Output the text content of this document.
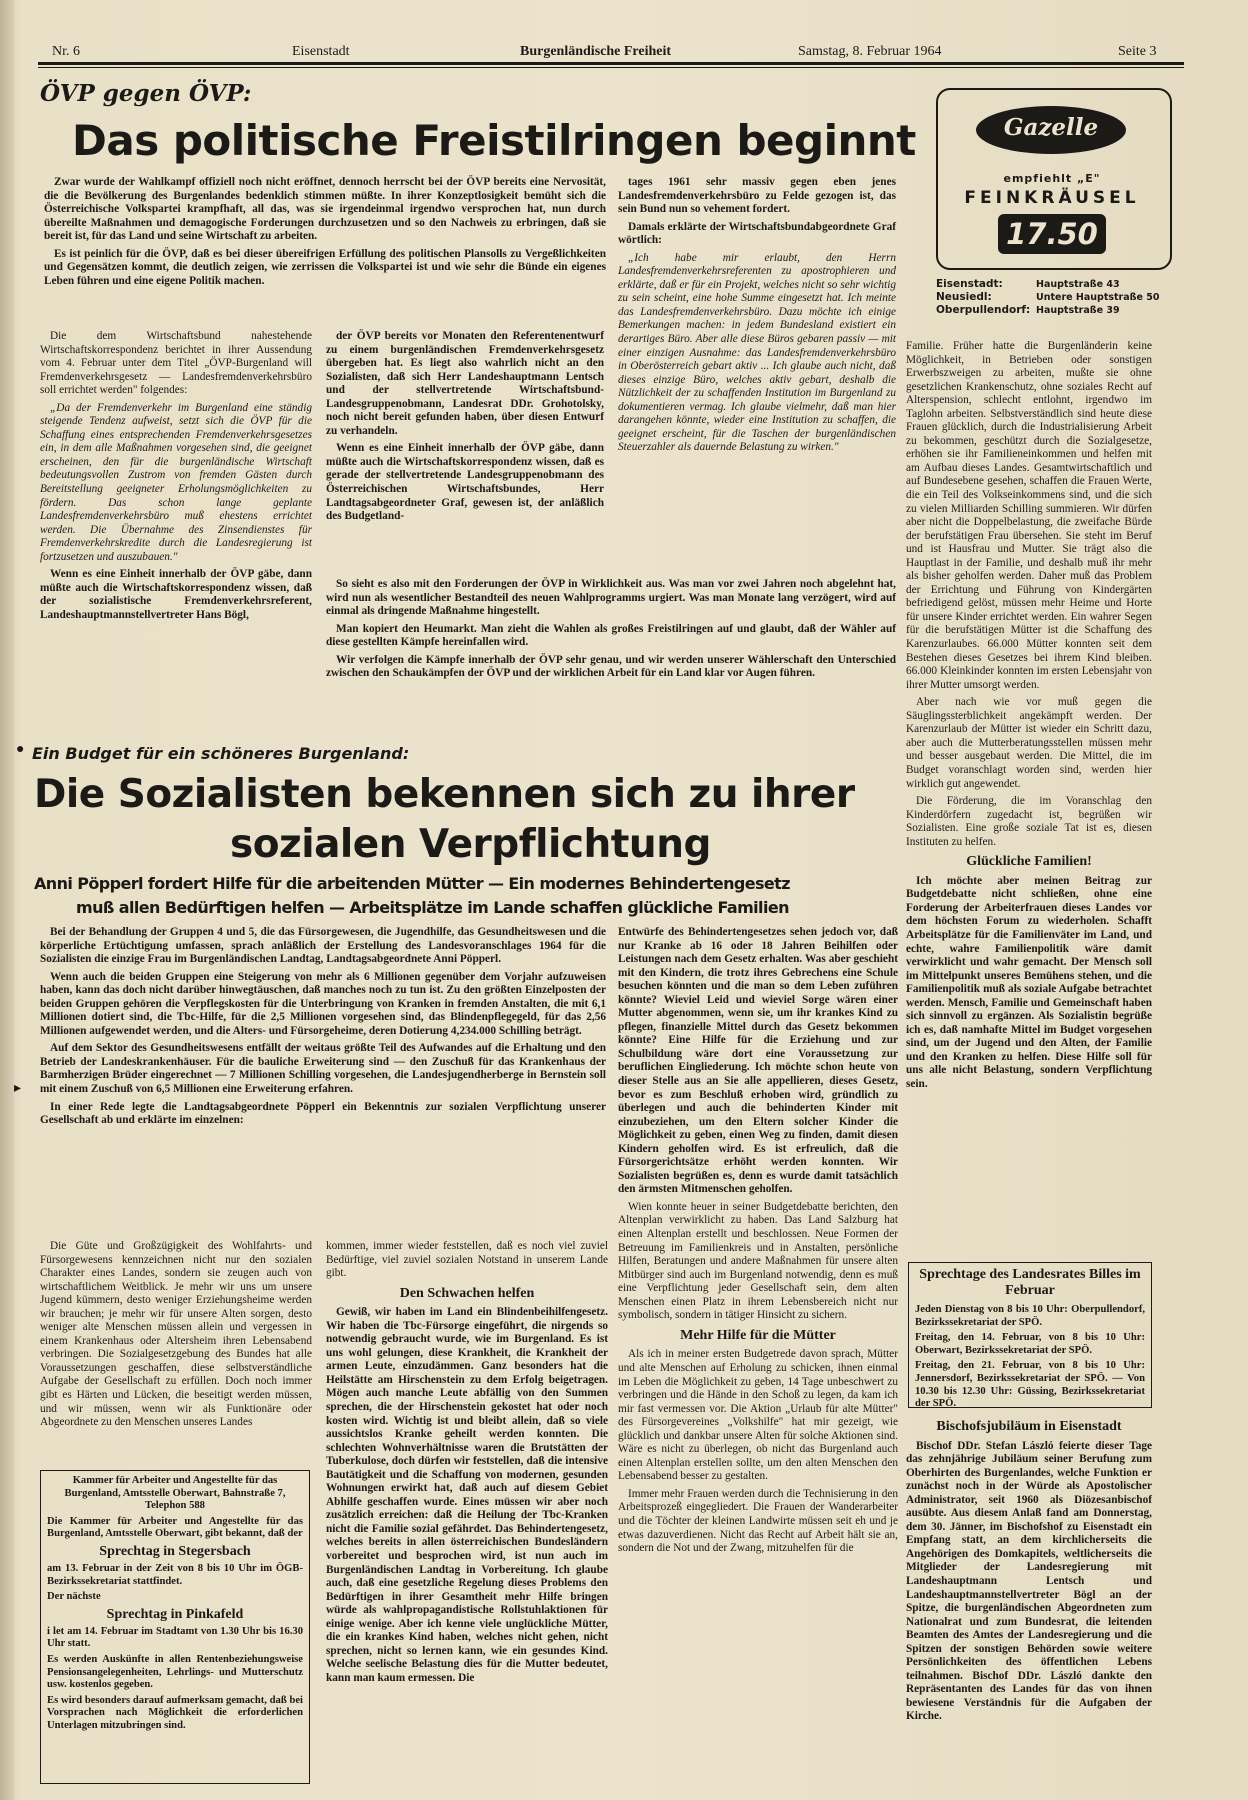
Nr. 6	Eisenstadt	Burgenländische Freiheit	Samstag, 8. Februar 1964	Seite 3
ÖVP gegen ÖVP:
Das politische Freistilringen beginnt

Zwar wurde der Wahlkampf offiziell noch nicht eröffnet, dennoch herrscht bei der ÖVP bereits eine Nervosität, die die Bevölkerung des Burgenlandes bedenklich stimmen müßte. In ihrer Konzeptlosigkeit bemüht sich die Österreichische Volkspartei krampfhaft, all das, was sie irgendeinmal irgendwo versprochen hat, nun durch übereilte Maßnahmen und demagogische Forderungen durchzusetzen und so den Nachweis zu erbringen, daß sie bereit ist, für das Land und seine Wirtschaft zu arbeiten.

Es ist peinlich für die ÖVP, daß es bei dieser übereifrigen Erfüllung des politischen Plansolls zu Vergeßlichkeiten und Gegensätzen kommt, die deutlich zeigen, wie zerrissen die Volkspartei ist und wie sehr die Bünde ein eigenes Leben führen und eine eigene Politik machen.

Die dem Wirtschaftsbund nahestehende Wirtschaftskorrespondenz berichtet in ihrer Aussendung vom 4. Februar unter dem Titel „ÖVP-Burgenland will Fremdenverkehrsgesetz — Landesfremdenverkehrsbüro soll errichtet werden" folgendes:

„Da der Fremdenverkehr im Burgenland eine ständig steigende Tendenz aufweist, setzt sich die ÖVP für die Schaffung eines entsprechenden Fremdenverkehrsgesetzes ein, in dem alle Maßnahmen vorgesehen sind, die geeignet erscheinen, den für die burgenländische Wirtschaft bedeutungsvollen Zustrom von fremden Gästen durch Bereitstellung geeigneter Erholungsmöglichkeiten zu fördern. Das schon lange geplante Landesfremdenverkehrsbüro muß ehestens errichtet werden. Die Übernahme des Zinsendienstes für Fremdenverkehrskredite durch die Landesregierung ist fortzusetzen und auszubauen."

Wenn es eine Einheit innerhalb der ÖVP gäbe, dann müßte auch die Wirtschaftskorrespondenz wissen, daß der sozialistische Fremdenverkehrsreferent, Landeshauptmannstellvertreter Hans Bögl,

der ÖVP bereits vor Monaten den Referentenentwurf zu einem burgenländischen Fremdenverkehrsgesetz übergeben hat. Es liegt also wahrlich nicht an den Sozialisten, daß sich Herr Landeshauptmann Lentsch und der stellvertretende Wirtschaftsbund-Landesgruppenobmann, Landesrat DDr. Grohotolsky, noch nicht bereit gefunden haben, über diesen Entwurf zu verhandeln.

Wenn es eine Einheit innerhalb der ÖVP gäbe, dann müßte auch die Wirtschaftskorrespondenz wissen, daß es gerade der stellvertretende Landesgruppenobmann des Österreichischen Wirtschaftsbundes, Herr Landtagsabgeordneter Graf, gewesen ist, der anläßlich des Budgetland-

tages 1961 sehr massiv gegen eben jenes Landesfremdenverkehrsbüro zu Felde gezogen ist, das sein Bund nun so vehement fordert.

Damals erklärte der Wirtschaftsbundabgeordnete Graf wörtlich:

„Ich habe mir erlaubt, den Herrn Landesfremdenverkehrsreferenten zu apostrophieren und erklärte, daß er für ein Projekt, welches nicht so sehr wichtig zu sein scheint, eine hohe Summe eingesetzt hat. Ich meinte das Landesfremdenverkehrsbüro. Dazu möchte ich einige Bemerkungen machen: in jedem Bundesland existiert ein derartiges Büro. Aber alle diese Büros gebaren passiv — mit einer einzigen Ausnahme: das Landesfremdenverkehrsbüro in Oberösterreich gebart aktiv ... Ich glaube auch nicht, daß dieses einzige Büro, welches aktiv gebart, deshalb die Nützlichkeit der zu schaffenden Institution im Burgenland zu dokumentieren vermag. Ich glaube vielmehr, daß man hier darangehen könnte, wieder eine Institution zu schaffen, die geeignet erscheint, für die Taschen der burgenländischen Steuerzahler als dauernde Belastung zu wirken."

So sieht es also mit den Forderungen der ÖVP in Wirklichkeit aus. Was man vor zwei Jahren noch abgelehnt hat, wird nun als wesentlicher Bestandteil des neuen Wahlprogramms urgiert. Was man Monate lang verzögert, wird auf einmal als dringende Maßnahme hingestellt.

Man kopiert den Heumarkt. Man zieht die Wahlen als großes Freistilringen auf und glaubt, daß der Wähler auf diese gestellten Kämpfe hereinfallen wird.

Wir verfolgen die Kämpfe innerhalb der ÖVP sehr genau, und wir werden unserer Wählerschaft den Unterschied zwischen den Schaukämpfen der ÖVP und der wirklichen Arbeit für ein Land klar vor Augen führen.

Gazelle
empfiehlt „E"
FEINKRÄUSEL
17.50
Eisenstadt:	Hauptstraße 43
Neusiedl:	Untere Hauptstraße 50
Oberpullendorf: Hauptstraße 39

Familie. Früher hatte die Burgenländerin keine Möglichkeit, in Betrieben oder sonstigen Erwerbszweigen zu arbeiten, mußte sie ohne gesetzlichen Krankenschutz, ohne soziales Recht auf Alterspension, schlecht entlohnt, irgendwo im Taglohn arbeiten. Selbstverständlich sind heute diese Frauen glücklich, durch die Industrialisierung Arbeit zu bekommen, geschützt durch die Sozialgesetze, erhöhen sie ihr Familieneinkommen und helfen mit am Aufbau dieses Landes. Gesamtwirtschaftlich und auf Bundesebene gesehen, schaffen die Frauen Werte, die ein Teil des Volkseinkommens sind, und die sich zu vielen Milliarden Schilling summieren. Wir dürfen aber nicht die Doppelbelastung, die zweifache Bürde der berufstätigen Frau übersehen. Sie steht im Beruf und ist Hausfrau und Mutter. Sie trägt also die Hauptlast in der Familie, und deshalb muß ihr mehr als bisher geholfen werden. Daher muß das Problem der Errichtung und Führung von Kindergärten befriedigend gelöst, müssen mehr Heime und Horte für unsere Kinder errichtet werden. Ein wahrer Segen für die berufstätigen Mütter ist die Schaffung des Karenzurlaubes. 66.000 Mütter konnten seit dem Bestehen dieses Gesetzes bei ihrem Kind bleiben. 66.000 Kleinkinder konnten im ersten Lebensjahr von ihrer Mutter umsorgt werden.

Aber nach wie vor muß gegen die Säuglingssterblichkeit angekämpft werden. Der Karenzurlaub der Mütter ist wieder ein Schritt dazu, aber auch die Mutterberatungsstellen müssen mehr und besser ausgebaut werden. Die Mittel, die im Budget voranschlagt worden sind, werden hier wirklich gut angewendet.

Die Förderung, die im Voranschlag den Kinderdörfern zugedacht ist, begrüßen wir Sozialisten. Eine große soziale Tat ist es, diesen Instituten zu helfen.

Glückliche Familien!

Ich möchte aber meinen Beitrag zur Budgetdebatte nicht schließen, ohne eine Forderung der Arbeiterfrauen dieses Landes vor dem höchsten Forum zu wiederholen. Schafft Arbeitsplätze für die Familienväter im Land, und echte, wahre Familienpolitik wäre damit verwirklicht und wahr gemacht. Der Mensch soll im Mittelpunkt unseres Bemühens stehen, und die Familienpolitik muß als soziale Aufgabe betrachtet werden. Mensch, Familie und Gemeinschaft haben sich sinnvoll zu ergänzen. Als Sozialistin begrüße ich es, daß namhafte Mittel im Budget vorgesehen sind, um der Jugend und den Alten, der Familie und den Kranken zu helfen. Diese Hilfe soll für uns alle nicht Belastung, sondern Verpflichtung sein.

Sprechtage des Landesrates Billes im Februar

Jeden Dienstag von 8 bis 10 Uhr: Oberpullendorf, Bezirkssekretariat der SPÖ.

Freitag, den 14. Februar, von 8 bis 10 Uhr: Oberwart, Bezirkssekretariat der SPÖ.

Freitag, den 21. Februar, von 8 bis 10 Uhr: Jennersdorf, Bezirkssekretariat der SPÖ. — Von 10.30 bis 12.30 Uhr: Güssing, Bezirkssekretariat der SPÖ.

Bischofsjubiläum in Eisenstadt

Bischof DDr. Stefan László feierte dieser Tage das zehnjährige Jubiläum seiner Berufung zum Oberhirten des Burgenlandes, welche Funktion er zunächst noch in der Würde als Apostolischer Administrator, seit 1960 als Diözesanbischof ausübte. Aus diesem Anlaß fand am Donnerstag, dem 30. Jänner, im Bischofshof zu Eisenstadt ein Empfang statt, an dem kirchlicherseits die Angehörigen des Domkapitels, weltlicherseits die Mitglieder der Landesregierung mit Landeshauptmann Lentsch und Landeshauptmannstellvertreter Bögl an der Spitze, die burgenländischen Abgeordneten zum Nationalrat und zum Bundesrat, die leitenden Beamten des Amtes der Landesregierung und die Spitzen der sonstigen Behörden sowie weitere Persönlichkeiten des öffentlichen Lebens teilnahmen. Bischof DDr. László dankte den Repräsentanten des Landes für das von ihnen bewiesene Verständnis für die Aufgaben der Kirche.

● Ein Budget für ein schöneres Burgenland:
Die Sozialisten bekennen sich zu ihrer
sozialen Verpflichtung
Anni Pöpperl fordert Hilfe für die arbeitenden Mütter — Ein modernes Behindertengesetz
muß allen Bedürftigen helfen — Arbeitsplätze im Lande schaffen glückliche Familien

Bei der Behandlung der Gruppen 4 und 5, die das Fürsorgewesen, die Jugendhilfe, das Gesundheitswesen und die körperliche Ertüchtigung umfassen, sprach anläßlich der Erstellung des Landesvoranschlages 1964 für die Sozialisten die einzige Frau im Burgenländischen Landtag, Landtagsabgeordnete Anni Pöpperl.

Wenn auch die beiden Gruppen eine Steigerung von mehr als 6 Millionen gegenüber dem Vorjahr aufzuweisen haben, kann das doch nicht darüber hinwegtäuschen, daß manches noch zu tun ist. Zu den größten Einzelposten der beiden Gruppen gehören die Verpflegskosten für die Unterbringung von Kranken in fremden Anstalten, die mit 6,1 Millionen dotiert sind, die Tbc-Hilfe, für die 2,5 Millionen vorgesehen sind, das Blindenpflegegeld, für das 2,56 Millionen aufgewendet werden, und die Alters- und Fürsorgeheime, deren Dotierung 4,234.000 Schilling beträgt.

Auf dem Sektor des Gesundheitswesens entfällt der weitaus größte Teil des Aufwandes auf die Erhaltung und den Betrieb der Landeskrankenhäuser. Für die bauliche Erweiterung sind — den Zuschuß für das Krankenhaus der Barmherzigen Brüder eingerechnet — 7 Millionen Schilling vorgesehen, die Landesjugendherberge in Bernstein soll mit einem Zuschuß von 6,5 Millionen eine Erweiterung erfahren.

In einer Rede legte die Landtagsabgeordnete Pöpperl ein Bekenntnis zur sozialen Verpflichtung unserer Gesellschaft ab und erklärte im einzelnen:

Die Güte und Großzügigkeit des Wohlfahrts- und Fürsorgewesens kennzeichnen nicht nur den sozialen Charakter eines Landes, sondern sie zeugen auch von wirtschaftlichem Weitblick. Je mehr wir uns um unsere Jugend kümmern, desto weniger Erziehungsheime werden wir brauchen; je mehr wir für unsere Alten sorgen, desto weniger alte Menschen müssen allein und vergessen in einem Krankenhaus oder Altersheim ihren Lebensabend verbringen. Die Sozialgesetzgebung des Bundes hat alle Voraussetzungen geschaffen, diese selbstverständliche Aufgabe der Gesellschaft zu erfüllen. Doch noch immer gibt es Härten und Lücken, die beseitigt werden müssen, und wir müssen, wenn wir als Funktionäre oder Abgeordnete zu den Menschen unseres Landes

Kammer für Arbeiter und Angestellte für das Burgenland, Amtsstelle Oberwart, Bahnstraße 7, Telephon 588

Die Kammer für Arbeiter und Angestellte für das Burgenland, Amtsstelle Oberwart, gibt bekannt, daß der

Sprechtag in Stegersbach

am 13. Februar in der Zeit von 8 bis 10 Uhr im ÖGB-Bezirkssekretariat stattfindet.

Der nächste

Sprechtag in Pinkafeld

i let am 14. Februar im Stadtamt von 1.30 Uhr bis 16.30 Uhr statt.

Es werden Auskünfte in allen Rentenbeziehungsweise Pensionsangelegenheiten, Lehrlings- und Mutterschutz usw. kostenlos gegeben.

Es wird besonders darauf aufmerksam gemacht, daß bei Vorsprachen nach Möglichkeit die erforderlichen Unterlagen mitzubringen sind.

kommen, immer wieder feststellen, daß es noch viel zuviel Bedürftige, viel zuviel sozialen Notstand in unserem Lande gibt.

Den Schwachen helfen

Gewiß, wir haben im Land ein Blindenbeihilfengesetz. Wir haben die Tbc-Fürsorge eingeführt, die nirgends so notwendig gebraucht wurde, wie im Burgenland. Es ist uns wohl gelungen, diese Krankheit, die Krankheit der armen Leute, einzudämmen. Ganz besonders hat die Heilstätte am Hirschenstein zu dem Erfolg beigetragen. Mögen auch manche Leute abfällig von den Summen sprechen, die der Hirschenstein gekostet hat oder noch kosten wird. Wichtig ist und bleibt allein, daß so viele aussichtslos Kranke geheilt werden konnten. Die schlechten Wohnverhältnisse waren die Brutstätten der Tuberkulose, doch dürfen wir feststellen, daß die intensive Bautätigkeit und die Schaffung von modernen, gesunden Wohnungen erwirkt hat, daß auch auf diesem Gebiet Abhilfe geschaffen wurde. Eines müssen wir aber noch zusätzlich erreichen: daß die Heilung der Tbc-Kranken nicht die Familie sozial gefährdet. Das Behindertengesetz, welches bereits in allen österreichischen Bundesländern vorbereitet und besprochen wird, ist nun auch im Burgenländischen Landtag in Vorbereitung. Ich glaube auch, daß eine gesetzliche Regelung dieses Problems den Bedürftigen in ihrer Gesamtheit mehr Hilfe bringen würde als wahlpropagandistische Rollstuhlaktionen für einige wenige. Aber ich kenne viele unglückliche Mütter, die ein krankes Kind haben, welches nicht gehen, nicht sprechen, nicht so lernen kann, wie ein gesundes Kind. Welche seelische Belastung dies für die Mutter bedeutet, kann man kaum ermessen. Die

Entwürfe des Behindertengesetzes sehen jedoch vor, daß nur Kranke ab 16 oder 18 Jahren Beihilfen oder Leistungen nach dem Gesetz erhalten. Was aber geschieht mit den Kindern, die trotz ihres Gebrechens eine Schule besuchen könnten und die man so dem Leben zuführen könnte? Wieviel Leid und wieviel Sorge wären einer Mutter abgenommen, wenn sie, um ihr krankes Kind zu pflegen, finanzielle Mittel durch das Gesetz bekommen könnte? Eine Hilfe für die Erziehung und zur Schulbildung wäre dort eine Voraussetzung zur beruflichen Eingliederung. Ich möchte schon heute von dieser Stelle aus an Sie alle appellieren, dieses Gesetz, bevor es zum Beschluß erhoben wird, gründlich zu überlegen und auch die behinderten Kinder mit einzubeziehen, um den Eltern solcher Kinder die Möglichkeit zu geben, einen Weg zu finden, damit diesen Kindern geholfen wird. Es ist erfreulich, daß die Fürsorgerichtsätze erhöht werden konnten. Wir Sozialisten begrüßen es, denn es wurde damit tatsächlich den ärmsten Mitmenschen geholfen.

Wien konnte heuer in seiner Budgetdebatte berichten, den Altenplan verwirklicht zu haben. Das Land Salzburg hat einen Altenplan erstellt und beschlossen. Neue Formen der Betreuung im Familienkreis und in Anstalten, persönliche Hilfen, Beratungen und andere Maßnahmen für unsere alten Mitbürger sind auch im Burgenland notwendig, denn es muß eine Verpflichtung jeder Gesellschaft sein, dem alten Menschen einen Platz in ihrem Lebensbereich nicht nur symbolisch, sondern in tätiger Hinsicht zu sichern.

Mehr Hilfe für die Mütter

Als ich in meiner ersten Budgetrede davon sprach, Mütter und alte Menschen auf Erholung zu schicken, ihnen einmal im Leben die Möglichkeit zu geben, 14 Tage unbeschwert zu verbringen und die Hände in den Schoß zu legen, da kam ich mir fast vermessen vor. Die Aktion „Urlaub für alte Mütter" des Fürsorgevereines „Volkshilfe" hat mir gezeigt, wie glücklich und dankbar unsere Alten für solche Aktionen sind. Wäre es nicht zu überlegen, ob nicht das Burgenland auch einen Altenplan erstellen sollte, um den alten Menschen den Lebensabend besser zu gestalten.

Immer mehr Frauen werden durch die Technisierung in den Arbeitsprozeß eingegliedert. Die Frauen der Wanderarbeiter und die Töchter der kleinen Landwirte müssen seit eh und je etwas dazuverdienen. Nicht das Recht auf Arbeit hält sie an, sondern die Not und der Zwang, mitzuhelfen für die

▸
